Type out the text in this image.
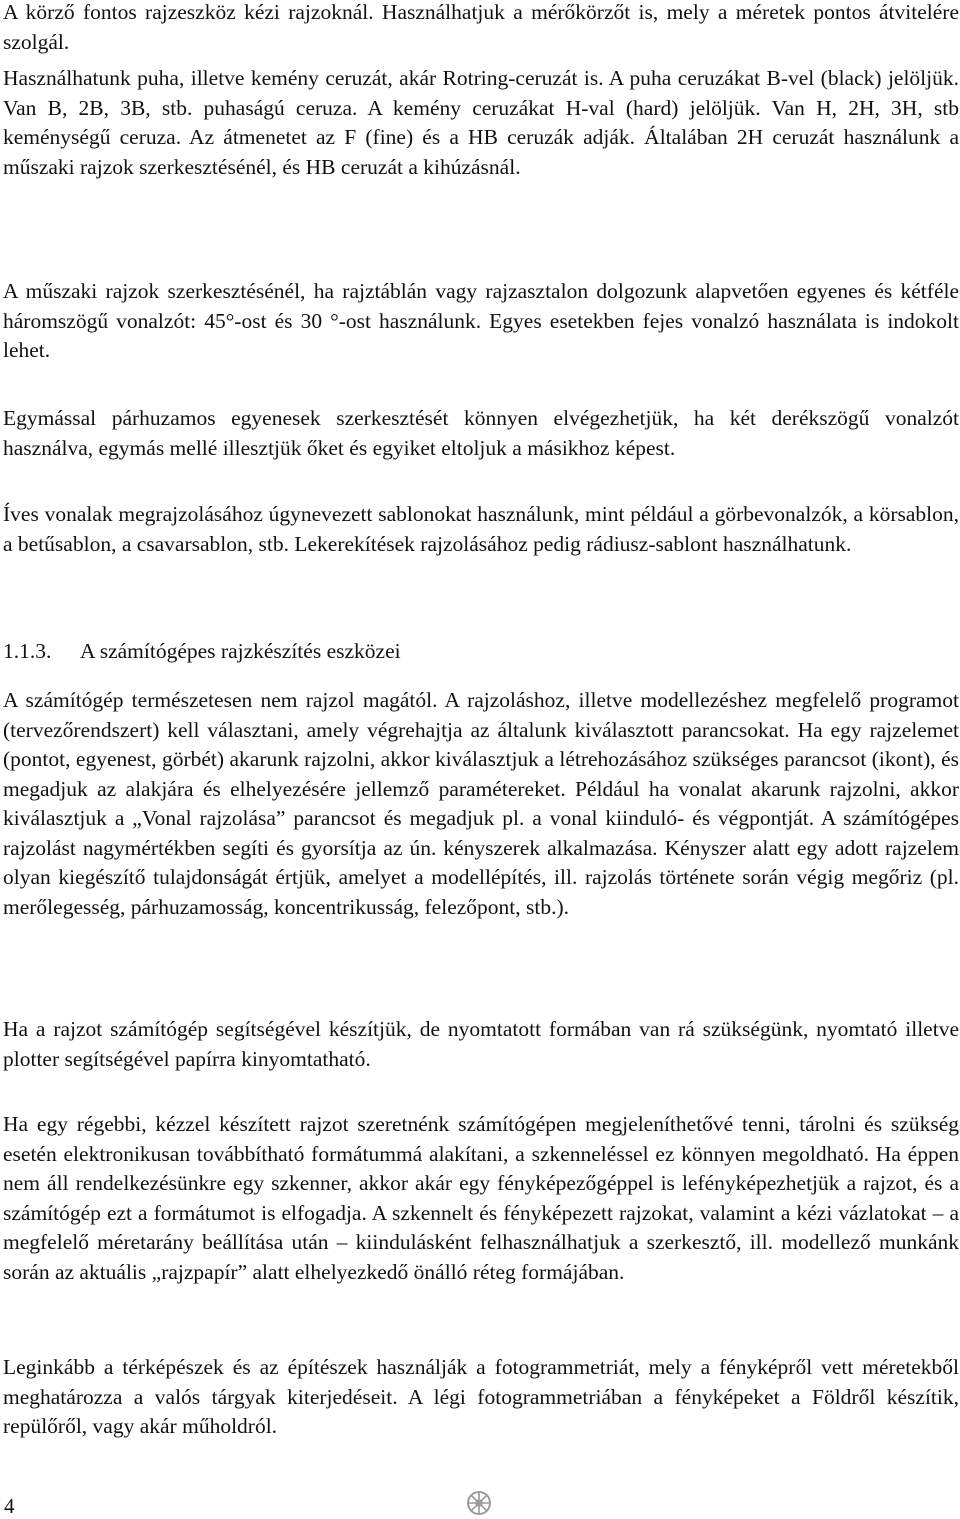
A körző fontos rajzeszköz kézi rajzoknál. Használhatjuk a mérőkörzőt is, mely a méretek pontos átvitelére szolgál.

Használhatunk puha, illetve kemény ceruzát, akár Rotring-ceruzát is. A puha ceruzákat B-vel (black) jelöljük. Van B, 2B, 3B, stb. puhaságú ceruza. A kemény ceruzákat H-val (hard) jelöljük. Van H, 2H, 3H, stb keménységű ceruza. Az átmenetet az F (fine) és a HB ceruzák adják. Általában 2H ceruzát használunk a műszaki rajzok szerkesztésénél, és HB ceruzát a kihúzásnál.

A műszaki rajzok szerkesztésénél, ha rajztáblán vagy rajzasztalon dolgozunk alapvetően egyenes és kétféle háromszögű vonalzót: 45°-ost és 30 °-ost használunk. Egyes esetekben fejes vonalzó használata is indokolt lehet.

Egymással párhuzamos egyenesek szerkesztését könnyen elvégezhetjük, ha két derékszögű vonalzót használva, egymás mellé illesztjük őket és egyiket eltoljuk a másikhoz képest.

Íves vonalak megrajzolásához úgynevezett sablonokat használunk, mint például a görbevonalzók, a körsablon, a betűsablon, a csavarsablon, stb. Lekerekítések rajzolásához pedig rádiusz-sablont használhatunk.

1.1.3. A számítógépes rajzkészítés eszközei

A számítógép természetesen nem rajzol magától. A rajzoláshoz, illetve modellezéshez megfelelő programot (tervezőrendszert) kell választani, amely végrehajtja az általunk kiválasztott parancsokat. Ha egy rajzelemet (pontot, egyenest, görbét) akarunk rajzolni, akkor kiválasztjuk a létrehozásához szükséges parancsot (ikont), és megadjuk az alakjára és elhelyezésére jellemző paramétereket. Például ha vonalat akarunk rajzolni, akkor kiválasztjuk a „Vonal rajzolása” parancsot és megadjuk pl. a vonal kiinduló- és végpontját. A számítógépes rajzolást nagymértékben segíti és gyorsítja az ún. kényszerek alkalmazása. Kényszer alatt egy adott rajzelem olyan kiegészítő tulajdonságát értjük, amelyet a modellépítés, ill. rajzolás története során végig megőriz (pl. merőlegesség, párhuzamosság, koncentrikusság, felezőpont, stb.).

Ha a rajzot számítógép segítségével készítjük, de nyomtatott formában van rá szükségünk, nyomtató illetve plotter segítségével papírra kinyomtatható.

Ha egy régebbi, kézzel készített rajzot szeretnénk számítógépen megjeleníthetővé tenni, tárolni és szükség esetén elektronikusan továbbítható formátummá alakítani, a szkenneléssel ez könnyen megoldható. Ha éppen nem áll rendelkezésünkre egy szkenner, akkor akár egy fényképezőgéppel is lefényképezhetjük a rajzot, és a számítógép ezt a formátumot is elfogadja. A szkennelt és fényképezett rajzokat, valamint a kézi vázlatokat – a megfelelő méretarány beállítása után – kiindulásként felhasználhatjuk a szerkesztő, ill. modellező munkánk során az aktuális „rajzpapír” alatt elhelyezkedő önálló réteg formájában.

Leginkább a térképészek és az építészek használják a fotogrammetriát, mely a fényképről vett méretekből meghatározza a valós tárgyak kiterjedéseit. A légi fotogrammetriában a fényképeket a Földről készítik, repülőről, vagy akár műholdról.

4
